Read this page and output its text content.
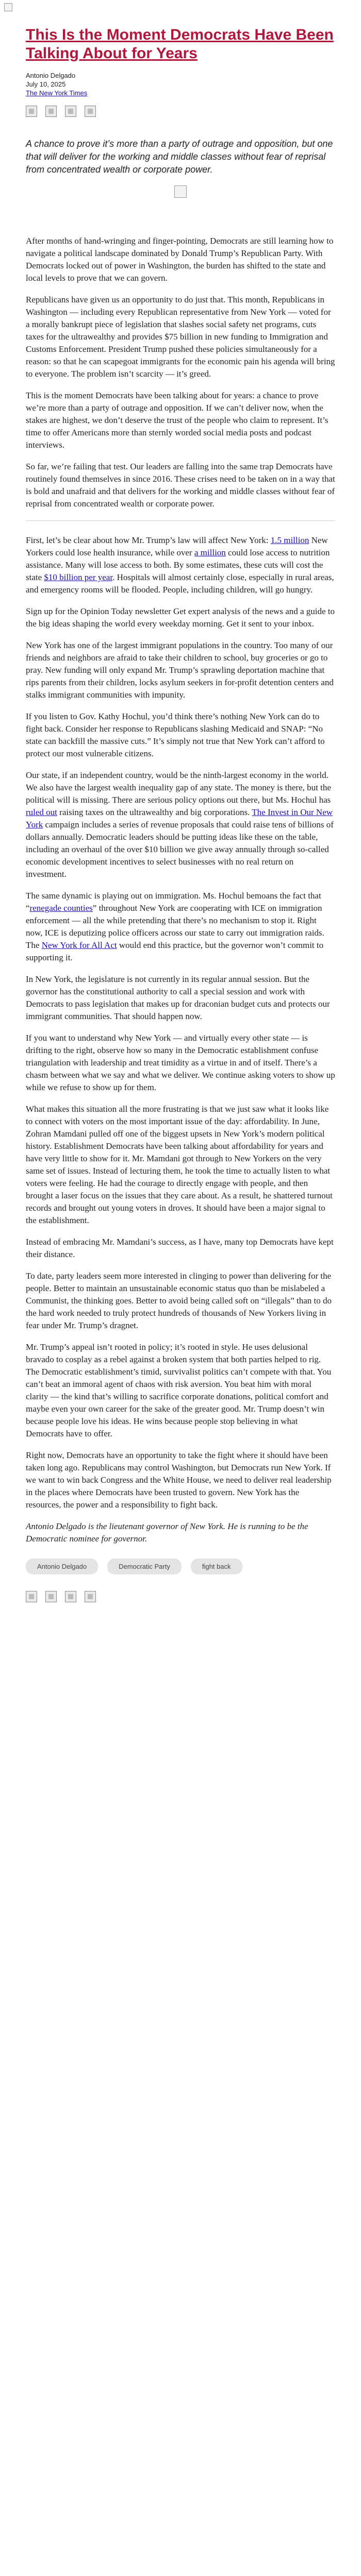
This Is the Moment Democrats Have Been Talking About for Years
Antonio Delgado
July 10, 2025
The New York Times

A chance to prove it’s more than a party of outrage and opposition, but one that will deliver for the working and middle classes without fear of reprisal from concentrated wealth or corporate power.

After months of hand-wringing and finger-pointing, Democrats are still learning how to navigate a political landscape dominated by Donald Trump’s Republican Party. With Democrats locked out of power in Washington, the burden has shifted to the state and local levels to prove that we can govern.

Republicans have given us an opportunity to do just that. This month, Republicans in Washington — including every Republican representative from New York — voted for a morally bankrupt piece of legislation that slashes social safety net programs, cuts taxes for the ultrawealthy and provides $75 billion in new funding to Immigration and Customs Enforcement. President Trump pushed these policies simultaneously for a reason: so that he can scapegoat immigrants for the economic pain his agenda will bring to everyone. The problem isn’t scarcity — it’s greed.

This is the moment Democrats have been talking about for years: a chance to prove we’re more than a party of outrage and opposition. If we can’t deliver now, when the stakes are highest, we don’t deserve the trust of the people who claim to represent. It’s time to offer Americans more than sternly worded social media posts and podcast interviews.

So far, we’re failing that test. Our leaders are falling into the same trap Democrats have routinely found themselves in since 2016. These crises need to be taken on in a way that is bold and unafraid and that delivers for the working and middle classes without fear of reprisal from concentrated wealth or corporate power.

First, let’s be clear about how Mr. Trump’s law will affect New York: 1.5 million New Yorkers could lose health insurance, while over a million could lose access to nutrition assistance. Many will lose access to both. By some estimates, these cuts will cost the state $10 billion per year. Hospitals will almost certainly close, especially in rural areas, and emergency rooms will be flooded. People, including children, will go hungry.

Sign up for the Opinion Today newsletter Get expert analysis of the news and a guide to the big ideas shaping the world every weekday morning. Get it sent to your inbox.

New York has one of the largest immigrant populations in the country. Too many of our friends and neighbors are afraid to take their children to school, buy groceries or go to pray. New funding will only expand Mr. Trump’s sprawling deportation machine that rips parents from their children, locks asylum seekers in for-profit detention centers and stalks immigrant communities with impunity.

If you listen to Gov. Kathy Hochul, you’d think there’s nothing New York can do to fight back. Consider her response to Republicans slashing Medicaid and SNAP: “No state can backfill the massive cuts.” It’s simply not true that New York can’t afford to protect our most vulnerable citizens.

Our state, if an independent country, would be the ninth-largest economy in the world. We also have the largest wealth inequality gap of any state. The money is there, but the political will is missing. There are serious policy options out there, but Ms. Hochul has ruled out raising taxes on the ultrawealthy and big corporations. The Invest in Our New York campaign includes a series of revenue proposals that could raise tens of billions of dollars annually. Democratic leaders should be putting ideas like these on the table, including an overhaul of the over $10 billion we give away annually through so-called economic development incentives to select businesses with no real return on investment.

The same dynamic is playing out on immigration. Ms. Hochul bemoans the fact that “renegade counties” throughout New York are cooperating with ICE on immigration enforcement — all the while pretending that there’s no mechanism to stop it. Right now, ICE is deputizing police officers across our state to carry out immigration raids. The New York for All Act would end this practice, but the governor won’t commit to supporting it.

In New York, the legislature is not currently in its regular annual session. But the governor has the constitutional authority to call a special session and work with Democrats to pass legislation that makes up for draconian budget cuts and protects our immigrant communities. That should happen now.

If you want to understand why New York — and virtually every other state — is drifting to the right, observe how so many in the Democratic establishment confuse triangulation with leadership and treat timidity as a virtue in and of itself. There’s a chasm between what we say and what we deliver. We continue asking voters to show up while we refuse to show up for them.

What makes this situation all the more frustrating is that we just saw what it looks like to connect with voters on the most important issue of the day: affordability. In June, Zohran Mamdani pulled off one of the biggest upsets in New York’s modern political history. Establishment Democrats have been talking about affordability for years and have very little to show for it. Mr. Mamdani got through to New Yorkers on the very same set of issues. Instead of lecturing them, he took the time to actually listen to what voters were feeling. He had the courage to directly engage with people, and then brought a laser focus on the issues that they care about. As a result, he shattered turnout records and brought out young voters in droves. It should have been a major signal to the establishment.

Instead of embracing Mr. Mamdani’s success, as I have, many top Democrats have kept their distance.

To date, party leaders seem more interested in clinging to power than delivering for the people. Better to maintain an unsustainable economic status quo than be mislabeled a Communist, the thinking goes. Better to avoid being called soft on “illegals” than to do the hard work needed to truly protect hundreds of thousands of New Yorkers living in fear under Mr. Trump’s dragnet.

Mr. Trump’s appeal isn’t rooted in policy; it’s rooted in style. He uses delusional bravado to cosplay as a rebel against a broken system that both parties helped to rig. The Democratic establishment’s timid, survivalist politics can’t compete with that. You can’t beat an immoral agent of chaos with risk aversion. You beat him with moral clarity — the kind that’s willing to sacrifice corporate donations, political comfort and maybe even your own career for the sake of the greater good. Mr. Trump doesn’t win because people love his ideas. He wins because people stop believing in what Democrats have to offer.

Right now, Democrats have an opportunity to take the fight where it should have been taken long ago. Republicans may control Washington, but Democrats run New York. If we want to win back Congress and the White House, we need to deliver real leadership in the places where Democrats have been trusted to govern. New York has the resources, the power and a responsibility to fight back.

Antonio Delgado is the lieutenant governor of New York. He is running to be the Democratic nominee for governor.

Antonio Delgado	Democratic Party	fight back
